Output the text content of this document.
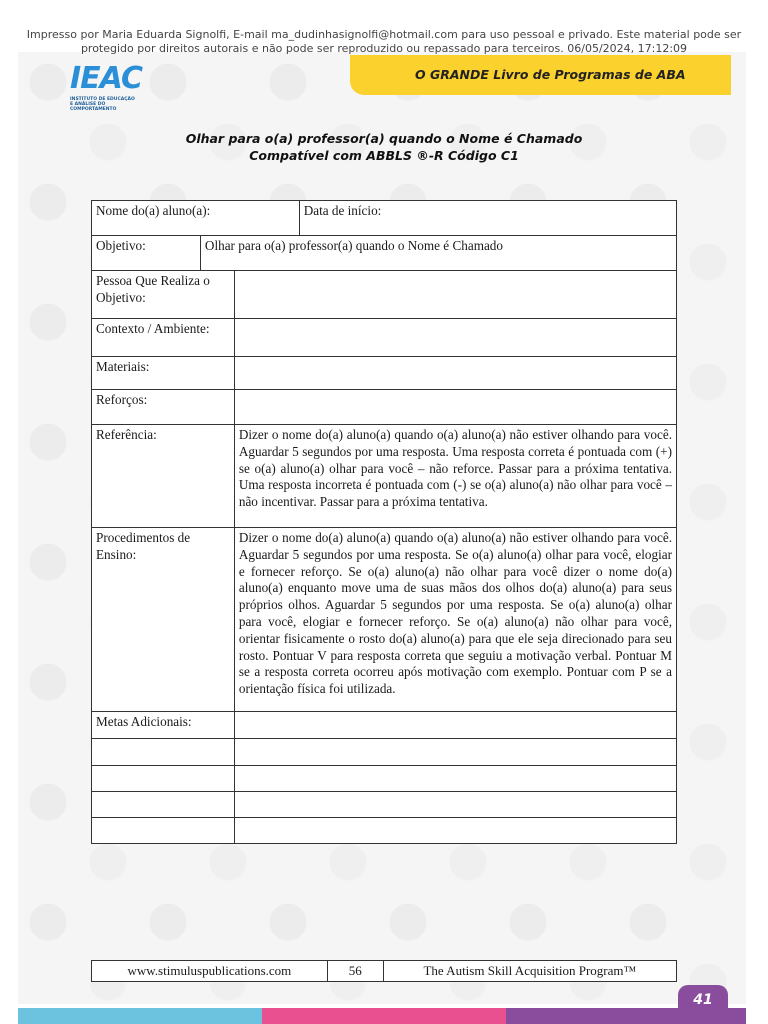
Impresso por Maria Eduarda Signolfi, E-mail ma_dudinhasignolfi@hotmail.com para uso pessoal e privado. Este material pode ser
protegido por direitos autorais e não pode ser reproduzido ou repassado para terceiros. 06/05/2024, 17:12:09
IEAC
INSTITUTO DE EDUCAÇÃO
E ANÁLISE DO COMPORTAMENTO
O GRANDE Livro de Programas de ABA
Olhar para o(a) professor(a) quando o Nome é Chamado
Compatível com ABBLS ®-R Código C1
Nome do(a) aluno(a):			Data de início:
Objetivo:	Olhar para o(a) professor(a) quando o Nome é Chamado		
Pessoa Que Realiza o Objetivo:			
Contexto / Ambiente:			
Materiais:			
Reforços:			
Referência:		Dizer o nome do(a) aluno(a) quando o(a) aluno(a) não estiver olhando para você. Aguardar 5 segundos por uma resposta. Uma resposta correta é pontuada com (+) se o(a) aluno(a) olhar para você – não reforce. Passar para a próxima tentativa. Uma resposta incorreta é pontuada com (-) se o(a) aluno(a) não olhar para você – não incentivar. Passar para a próxima tentativa.	
Procedimentos de Ensino:		Dizer o nome do(a) aluno(a) quando o(a) aluno(a) não estiver olhando para você. Aguardar 5 segundos por uma resposta. Se o(a) aluno(a) olhar para você, elogiar e fornecer reforço. Se o(a) aluno(a) não olhar para você dizer o nome do(a) aluno(a) enquanto move uma de suas mãos dos olhos do(a) aluno(a) para seus próprios olhos. Aguardar 5 segundos por uma resposta. Se o(a) aluno(a) olhar para você, elogiar e fornecer reforço. Se o(a) aluno(a) não olhar para você, orientar fisicamente o rosto do(a) aluno(a) para que ele seja direcionado para seu rosto. Pontuar V para resposta correta que seguiu a motivação verbal. Pontuar M se a resposta correta ocorreu após motivação com exemplo. Pontuar com P se a orientação física foi utilizada.	
Metas Adicionais:			

www.stimuluspublications.com	56	The Autism Skill Acquisition Program™
41
